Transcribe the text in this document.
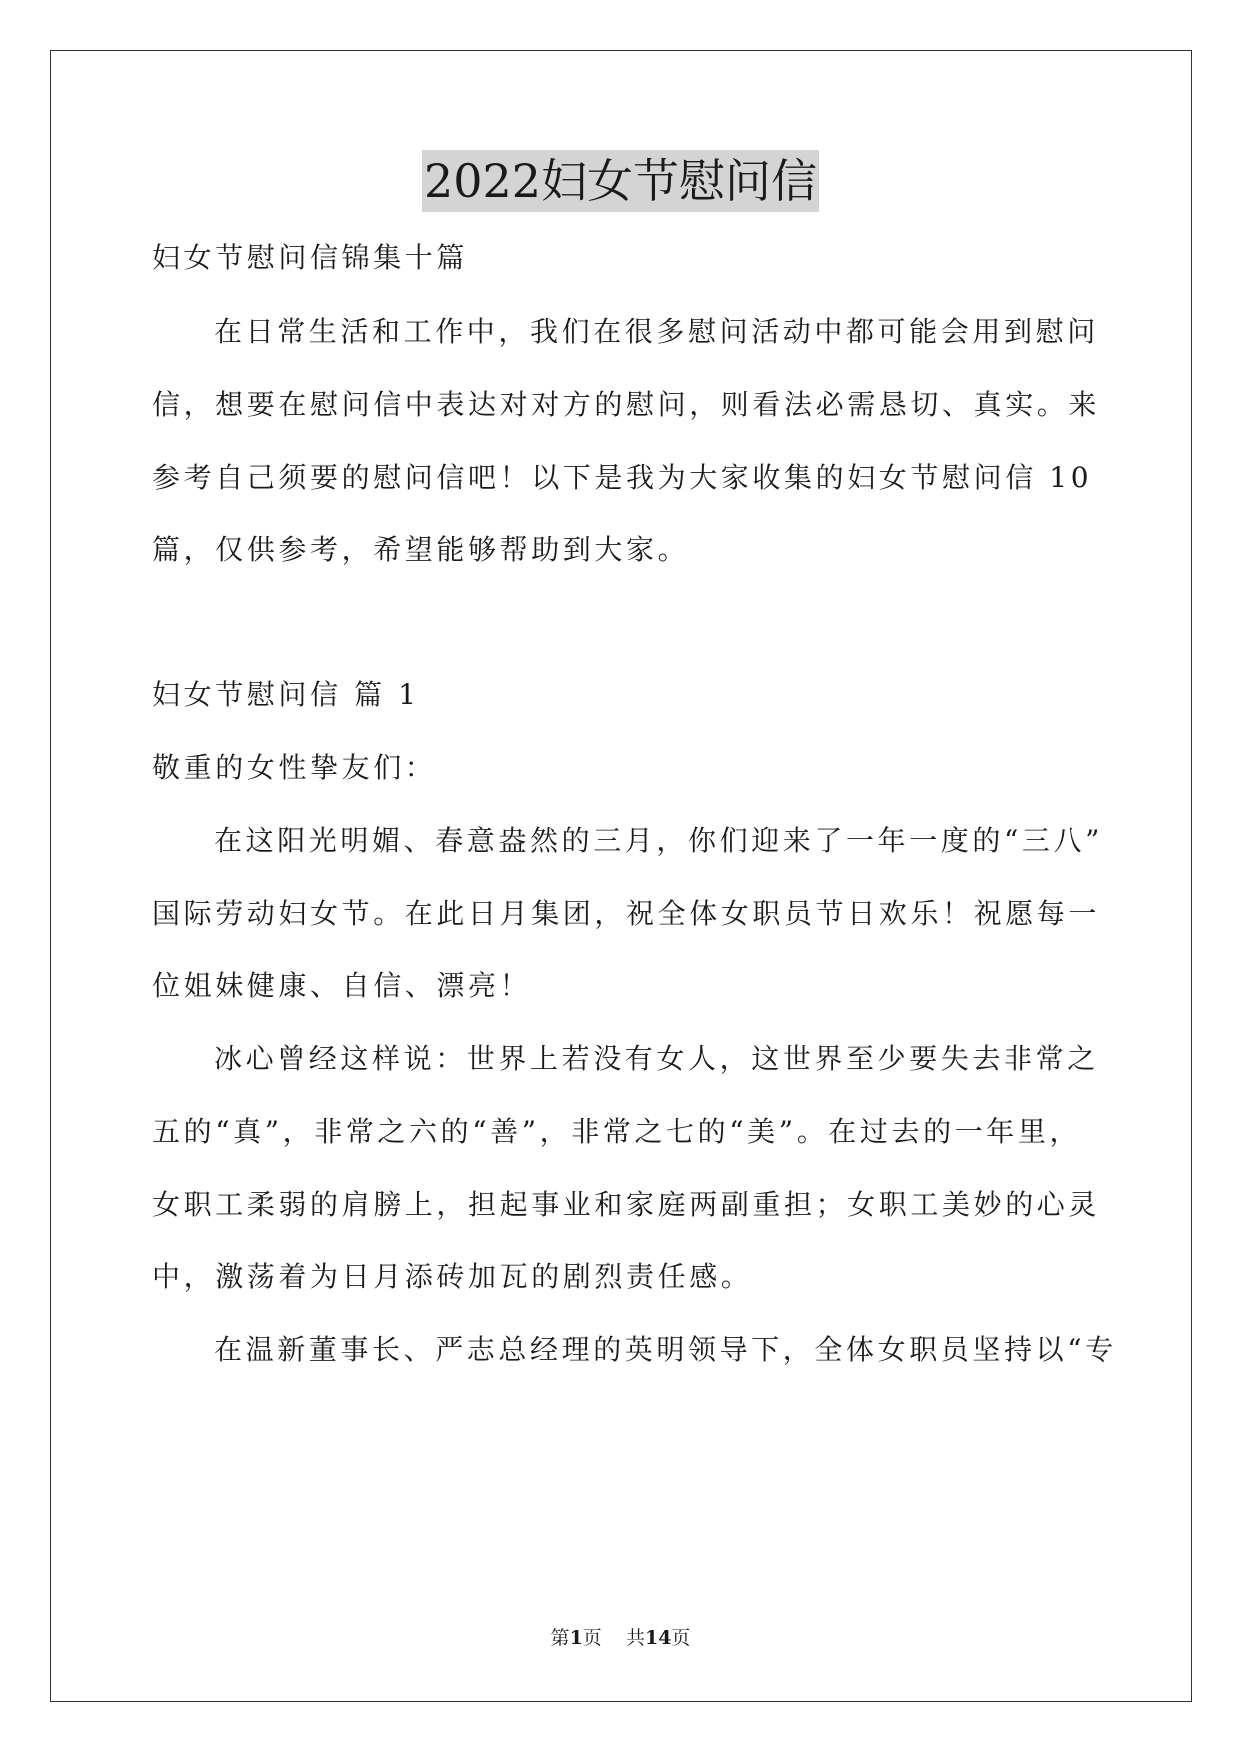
2022妇女节慰问信

妇女节慰问信锦集十篇

在日常生活和工作中，我们在很多慰问活动中都可能会用到慰问

信，想要在慰问信中表达对对方的慰问，则看法必需恳切、真实。来

参考自己须要的慰问信吧！以下是我为大家收集的妇女节慰问信 10

篇，仅供参考，希望能够帮助到大家。

妇女节慰问信 篇 1

敬重的女性挚友们：

在这阳光明媚、春意盎然的三月，你们迎来了一年一度的“三八”

国际劳动妇女节。在此日月集团，祝全体女职员节日欢乐！祝愿每一

位姐妹健康、自信、漂亮！

冰心曾经这样说：世界上若没有女人，这世界至少要失去非常之

五的“真”，非常之六的“善”，非常之七的“美”。在过去的一年里，

女职工柔弱的肩膀上，担起事业和家庭两副重担；女职工美妙的心灵

中，激荡着为日月添砖加瓦的剧烈责任感。

在温新董事长、严志总经理的英明领导下，全体女职员坚持以“专

第1页    共14页
